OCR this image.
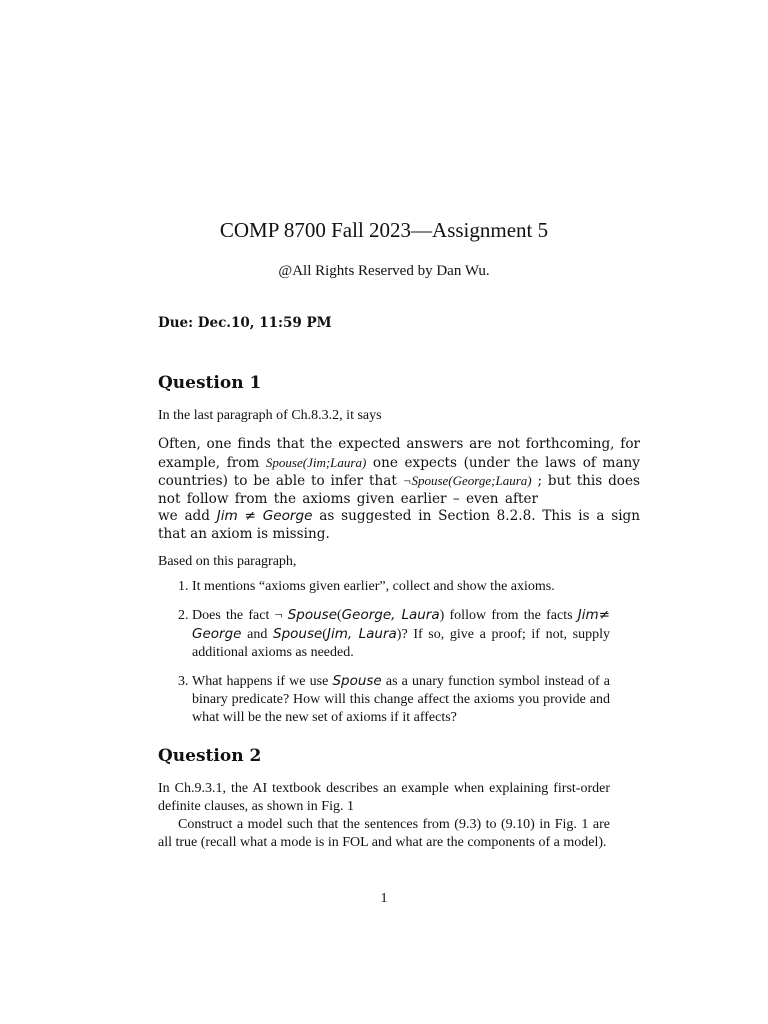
COMP 8700 Fall 2023—Assignment 5
@All Rights Reserved by Dan Wu.
Due: Dec.10, 11:59 PM
Question 1
In the last paragraph of Ch.8.3.2, it says
Often, one finds that the expected answers are not forthcoming, for
example, from Spouse(Jim;Laura) one expects (under the laws of many
countries) to be able to infer that ¬Spouse(George;Laura) ; but this does
not follow from the axioms given earlier – even after
we add Jim ≠ George as suggested in Section 8.2.8. This is a sign
that an axiom is missing.
Based on this paragraph,
1. It mentions “axioms given earlier”, collect and show the axioms.
2. Does the fact ¬ Spouse(George, Laura) follow from the facts Jim≠ George and Spouse(Jim, Laura)? If so, give a proof; if not, supply additional axioms as needed.
3. What happens if we use Spouse as a unary function symbol instead of a binary predicate? How will this change affect the axioms you provide and what will be the new set of axioms if it affects?
Question 2
In Ch.9.3.1, the AI textbook describes an example when explaining first-order definite clauses, as shown in Fig. 1
Construct a model such that the sentences from (9.3) to (9.10) in Fig. 1 are all true (recall what a mode is in FOL and what are the components of a model).
1
